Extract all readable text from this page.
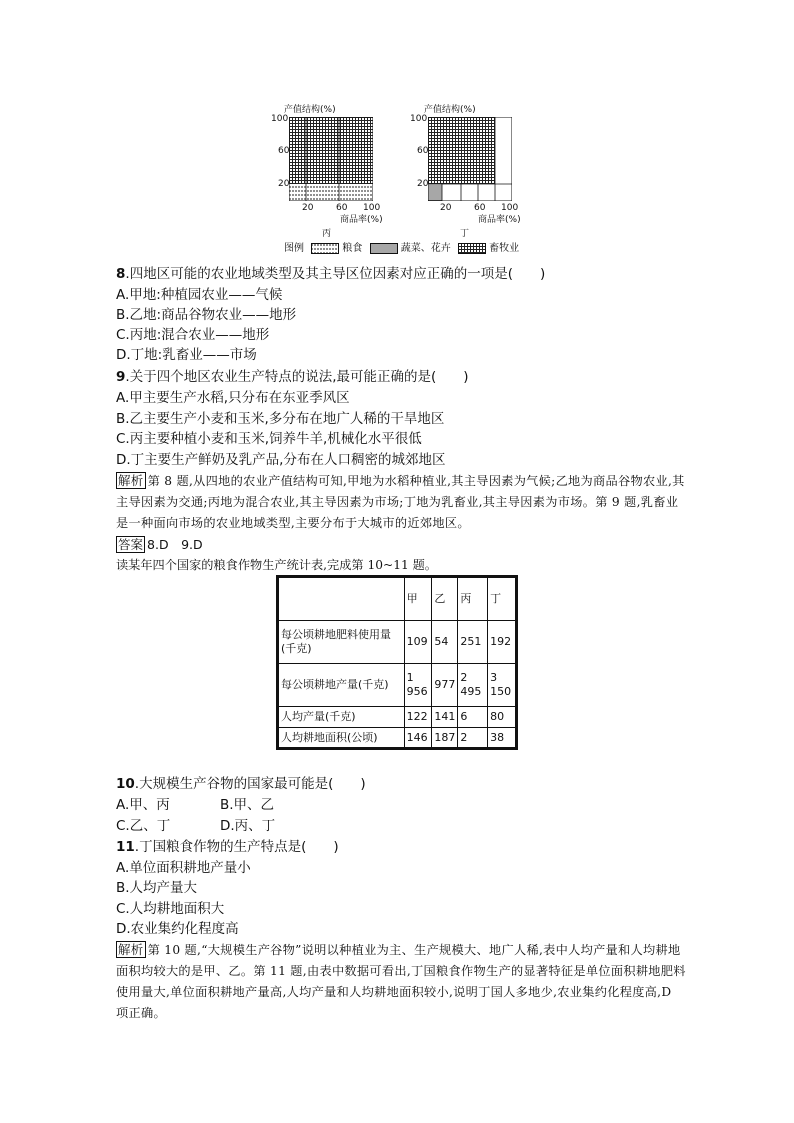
产值结构(%)
100
60
20
20	60 100
商品率(%)
丙
产值结构(%)
100
60
20
20	60 100
商品率(%)
丁
图例	粮食	蔬菜、花卉	畜牧业
8.四地区可能的农业地域类型及其主导区位因素对应正确的一项是(　　)
A.甲地:种植园农业——气候
B.乙地:商品谷物农业——地形
C.丙地:混合农业——地形
D.丁地:乳畜业——市场
9.关于四个地区农业生产特点的说法,最可能正确的是(　　)
A.甲主要生产水稻,只分布在东亚季风区
B.乙主要生产小麦和玉米,多分布在地广人稀的干旱地区
C.丙主要种植小麦和玉米,饲养牛羊,机械化水平很低
D.丁主要生产鲜奶及乳产品,分布在人口稠密的城郊地区
解析 第 8 题,从四地的农业产值结构可知,甲地为水稻种植业,其主导因素为气候;乙地为商品谷物农业,其主导因素为交通;丙地为混合农业,其主导因素为市场;丁地为乳畜业,其主导因素为市场。第 9 题,乳畜业是一种面向市场的农业地域类型,主要分布于大城市的近郊地区。
答案 8.D　9.D
读某年四个国家的粮食作物生产统计表,完成第 10~11 题。
	甲	乙	丙	丁
每公顷耕地肥料使用量(千克)	109	54	251	192
每公顷耕地产量(千克)	1 956	977	2 495	3 150
人均产量(千克)	122	141	6	80
人均耕地面积(公顷)	146	187	2	38
10.大规模生产谷物的国家最可能是(　　)
A.甲、丙	B.甲、乙
C.乙、丁	D.丙、丁
11.丁国粮食作物的生产特点是(　　)
A.单位面积耕地产量小
B.人均产量大
C.人均耕地面积大
D.农业集约化程度高
解析 第 10 题,“大规模生产谷物”说明以种植业为主、生产规模大、地广人稀,表中人均产量和人均耕地面积均较大的是甲、乙。第 11 题,由表中数据可看出,丁国粮食作物生产的显著特征是单位面积耕地肥料使用量大,单位面积耕地产量高,人均产量和人均耕地面积较小,说明丁国人多地少,农业集约化程度高,D 项正确。
